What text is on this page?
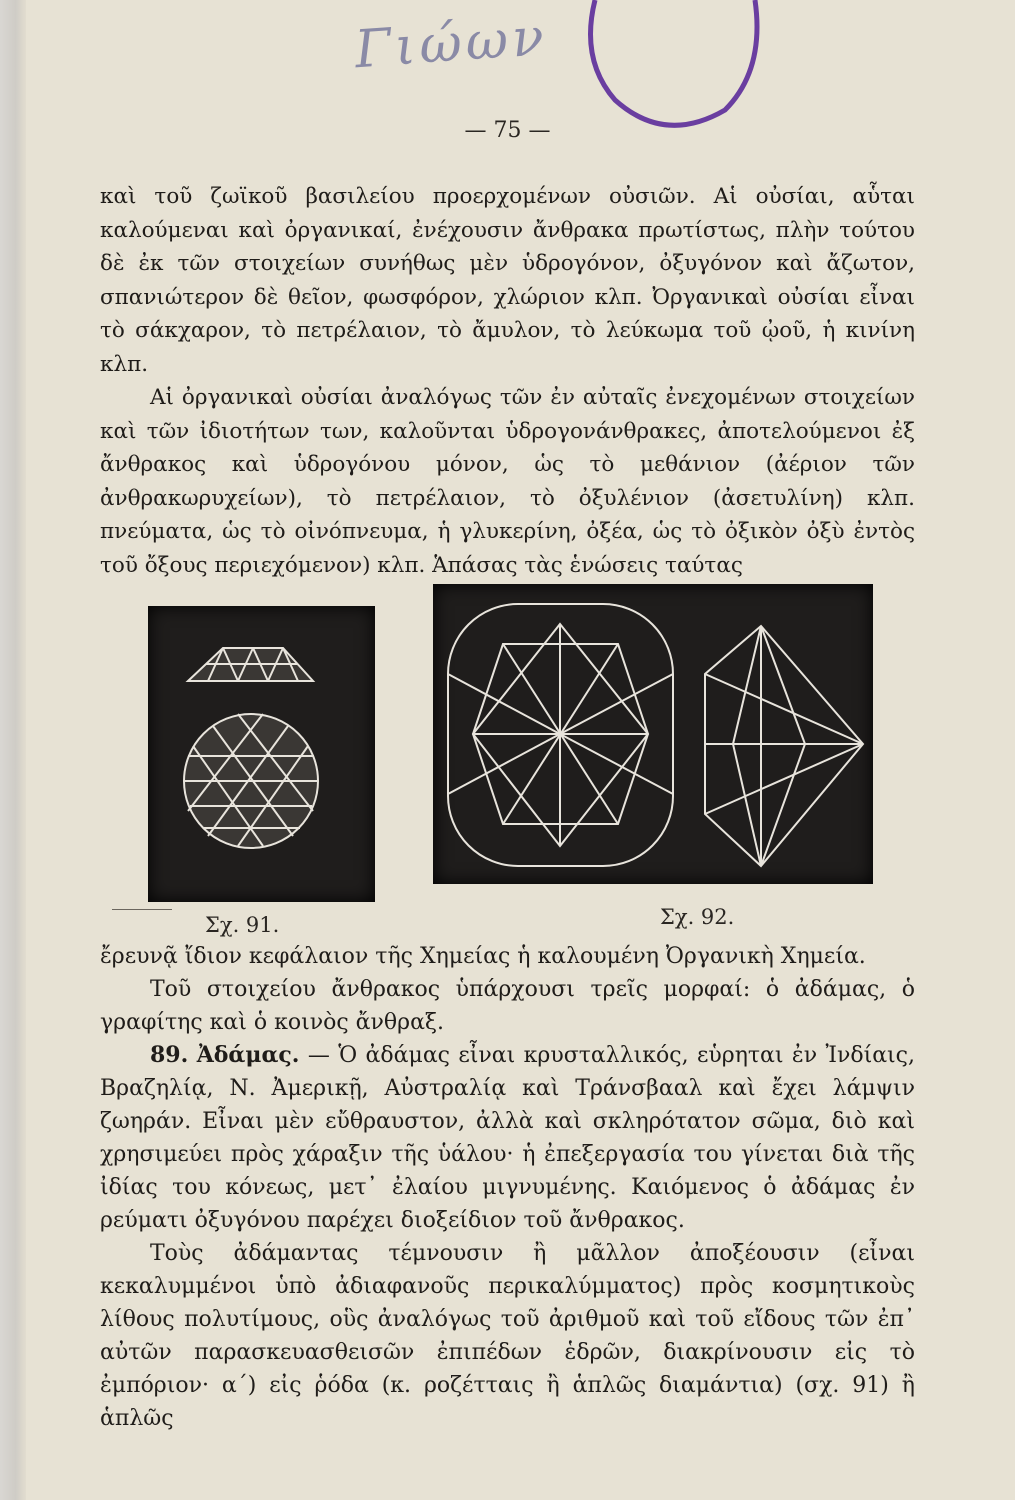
Γιώων
— 75 —

καὶ τοῦ ζωϊκοῦ βασιλείου προερχομένων οὐσιῶν. Αἱ οὐσίαι, αὗται καλούμεναι καὶ ὀργανικαί, ἐνέχουσιν ἄνθρακα πρωτίστως, πλὴν τούτου δὲ ἐκ τῶν στοιχείων συνήθως μὲν ὑδρογόνον, ὀξυγόνον καὶ ἄζωτον, σπανιώτερον δὲ θεῖον, φωσφόρον, χλώριον κλπ. Ὀργανικαὶ οὐσίαι εἶναι τὸ σάκχαρον, τὸ πετρέλαιον, τὸ ἄμυλον, τὸ λεύκωμα τοῦ ᾠοῦ, ἡ κινίνη κλπ.

Αἱ ὀργανικαὶ οὐσίαι ἀναλόγως τῶν ἐν αὐταῖς ἐνεχομένων στοιχείων καὶ τῶν ἰδιοτήτων των, καλοῦνται ὑδρογονάνθρακες, ἀποτελούμενοι ἐξ ἄνθρακος καὶ ὑδρογόνου μόνον, ὡς τὸ μεθάνιον (ἀέριον τῶν ἀνθρακωρυχείων), τὸ πετρέλαιον, τὸ ὀξυλένιον (ἀσετυλίνη) κλπ. πνεύματα, ὡς τὸ οἰνόπνευμα, ἡ γλυκερίνη, ὀξέα, ὡς τὸ ὀξικὸν ὀξὺ ἐντὸς τοῦ ὄξους περιεχόμενον) κλπ. Ἁπάσας τὰς ἑνώσεις ταύτας

Σχ. 91.	Σχ. 92.

ἔρευνᾷ ἴδιον κεφάλαιον τῆς Χημείας ἡ καλουμένη Ὀργανικὴ Χημεία.

Τοῦ στοιχείου ἄνθρακος ὑπάρχουσι τρεῖς μορφαί: ὁ ἀδάμας, ὁ γραφίτης καὶ ὁ κοινὸς ἄνθραξ.

89. Ἀδάμας. — Ὁ ἀδάμας εἶναι κρυσταλλικός, εὑρηται ἐν Ἰνδίαις, Βραζηλίᾳ, Ν. Ἀμερικῇ, Αὐστραλίᾳ καὶ Τράνσβααλ καὶ ἔχει λάμψιν ζωηράν. Εἶναι μὲν εὔθραυστον, ἀλλὰ καὶ σκληρότατον σῶμα, διὸ καὶ χρησιμεύει πρὸς χάραξιν τῆς ὑάλου· ἡ ἐπεξεργασία του γίνεται διὰ τῆς ἰδίας του κόνεως, μετ᾽ ἐλαίου μιγνυμένης. Καιόμενος ὁ ἀδάμας ἐν ρεύματι ὀξυγόνου παρέχει διοξείδιον τοῦ ἄνθρακος.

Τοὺς ἀδάμαντας τέμνουσιν ἢ μᾶλλον ἀποξέουσιν (εἶναι κεκαλυμμένοι ὑπὸ ἀδιαφανοῦς περικαλύμματος) πρὸς κοσμητικοὺς λίθους πολυτίμους, οὓς ἀναλόγως τοῦ ἀριθμοῦ καὶ τοῦ εἴδους τῶν ἐπ᾽ αὐτῶν παρασκευασθεισῶν ἐπιπέδων ἑδρῶν, διακρίνουσιν εἰς τὸ ἐμπόριον· α΄) εἰς ῥόδα (κ. ροζέτταις ἢ ἁπλῶς διαμάντια) (σχ. 91) ἢ ἁπλῶς
